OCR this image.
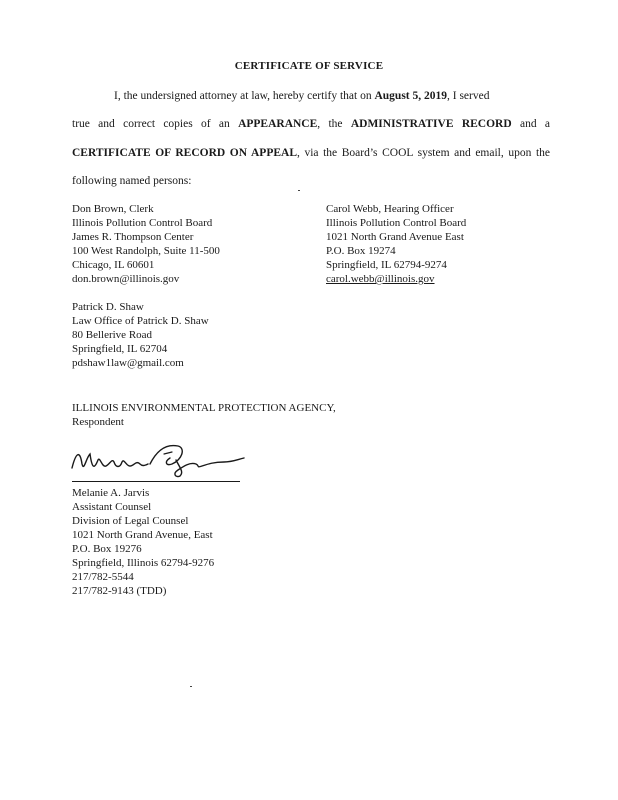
CERTIFICATE OF SERVICE
I, the undersigned attorney at law, hereby certify that on August 5, 2019, I served
true and correct copies of an APPEARANCE, the ADMINISTRATIVE RECORD and a
CERTIFICATE OF RECORD ON APPEAL, via the Board’s COOL system and email, upon the
following named persons:
Don Brown, Clerk
Illinois Pollution Control Board
James R. Thompson Center
100 West Randolph, Suite 11-500
Chicago, IL 60601
don.brown@illinois.gov
Carol Webb, Hearing Officer
Illinois Pollution Control Board
1021 North Grand Avenue East
P.O. Box 19274
Springfield, IL 62794-9274
carol.webb@illinois.gov
Patrick D. Shaw
Law Office of Patrick D. Shaw
80 Bellerive Road
Springfield, IL 62704
pdshaw1law@gmail.com
ILLINOIS ENVIRONMENTAL PROTECTION AGENCY,
Respondent
Melanie A. Jarvis
Assistant Counsel
Division of Legal Counsel
1021 North Grand Avenue, East
P.O. Box 19276
Springfield, Illinois 62794-9276
217/782-5544
217/782-9143 (TDD)
